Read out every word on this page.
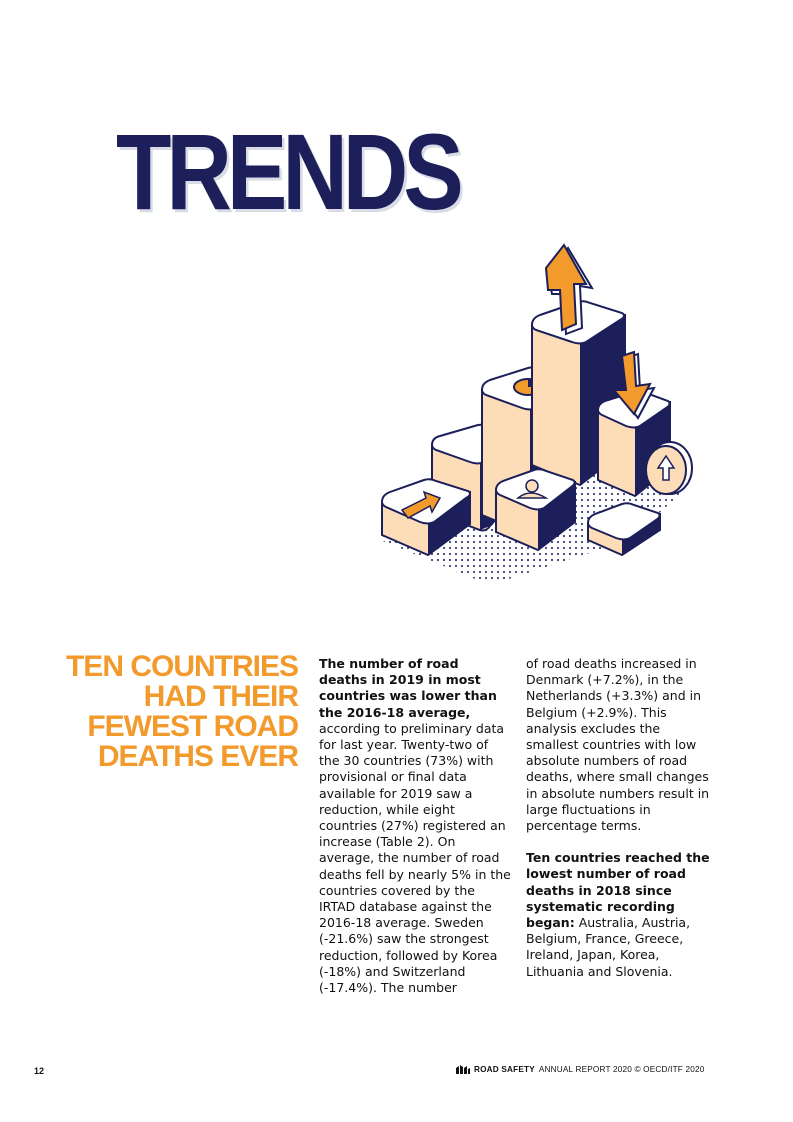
TRENDS
TEN COUNTRIES
HAD THEIR
FEWEST ROAD
DEATHS EVER

The number of road deaths in 2019 in most countries was lower than the 2016-18 average, according to preliminary data for last year. Twenty-two of the 30 countries (73%) with provisional or final data available for 2019 saw a reduction, while eight countries (27%) registered an increase (Table 2). On average, the number of road deaths fell by nearly 5% in the countries covered by the IRTAD database against the 2016-18 average. Sweden (-21.6%) saw the strongest reduction, followed by Korea (-18%) and Switzerland (-17.4%). The number

of road deaths increased in Denmark (+7.2%), in the Netherlands (+3.3%) and in Belgium (+2.9%). This analysis excludes the smallest countries with low absolute numbers of road deaths, where small changes in absolute numbers result in large fluctuations in percentage terms.

Ten countries reached the lowest number of road deaths in 2018 since systematic recording began: Australia, Austria, Belgium, France, Greece, Ireland, Japan, Korea, Lithuania and Slovenia.

12	ROAD SAFETY ANNUAL REPORT 2020 © OECD/ITF 2020
